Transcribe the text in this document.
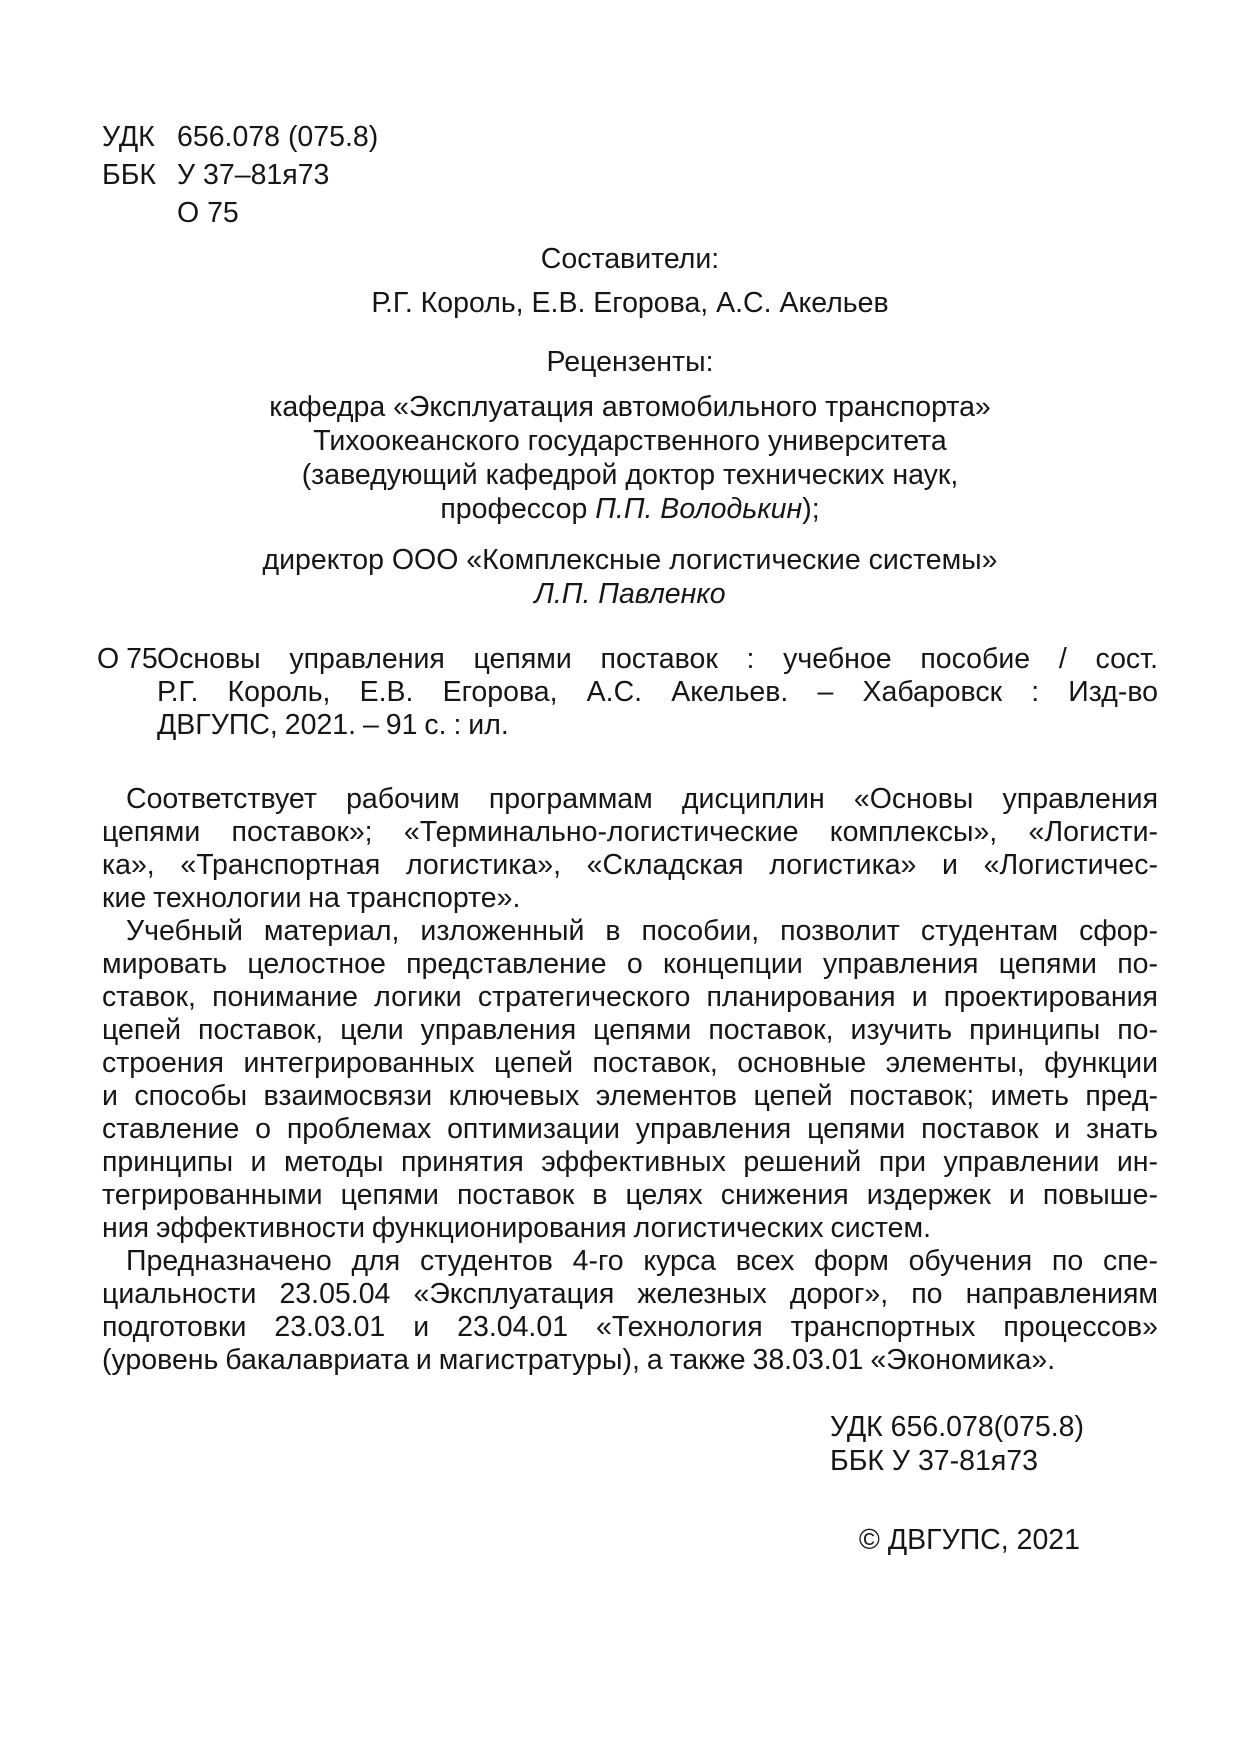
УДК 656.078 (075.8)
ББК У 37–81я73
О 75
Составители:
Р.Г. Король, Е.В. Егорова, А.С. Акельев
Рецензенты:
кафедра «Эксплуатация автомобильного транспорта»
Тихоокеанского государственного университета
(заведующий кафедрой доктор технических наук,
профессор П.П. Володькин);
директор ООО «Комплексные логистические системы»
Л.П. Павленко
О 75 Основы управления цепями поставок : учебное пособие / сост.
Р.Г. Король, Е.В. Егорова, А.С. Акельев. – Хабаровск : Изд-во
ДВГУПС, 2021. – 91 с. : ил.
Соответствует рабочим программам дисциплин «Основы управления
цепями поставок»; «Терминально-логистические комплексы», «Логисти-
ка», «Транспортная логистика», «Складская логистика» и «Логистичес-
кие технологии на транспорте».
Учебный материал, изложенный в пособии, позволит студентам сфор-
мировать целостное представление о концепции управления цепями по-
ставок, понимание логики стратегического планирования и проектирования
цепей поставок, цели управления цепями поставок, изучить принципы по-
строения интегрированных цепей поставок, основные элементы, функции
и способы взаимосвязи ключевых элементов цепей поставок; иметь пред-
ставление о проблемах оптимизации управления цепями поставок и знать
принципы и методы принятия эффективных решений при управлении ин-
тегрированными цепями поставок в целях снижения издержек и повыше-
ния эффективности функционирования логистических систем.
Предназначено для студентов 4-го курса всех форм обучения по спе-
циальности 23.05.04 «Эксплуатация железных дорог», по направлениям
подготовки 23.03.01 и 23.04.01 «Технология транспортных процессов»
(уровень бакалавриата и магистратуры), а также 38.03.01 «Экономика».
УДК 656.078(075.8)
ББК У 37-81я73
© ДВГУПС, 2021
